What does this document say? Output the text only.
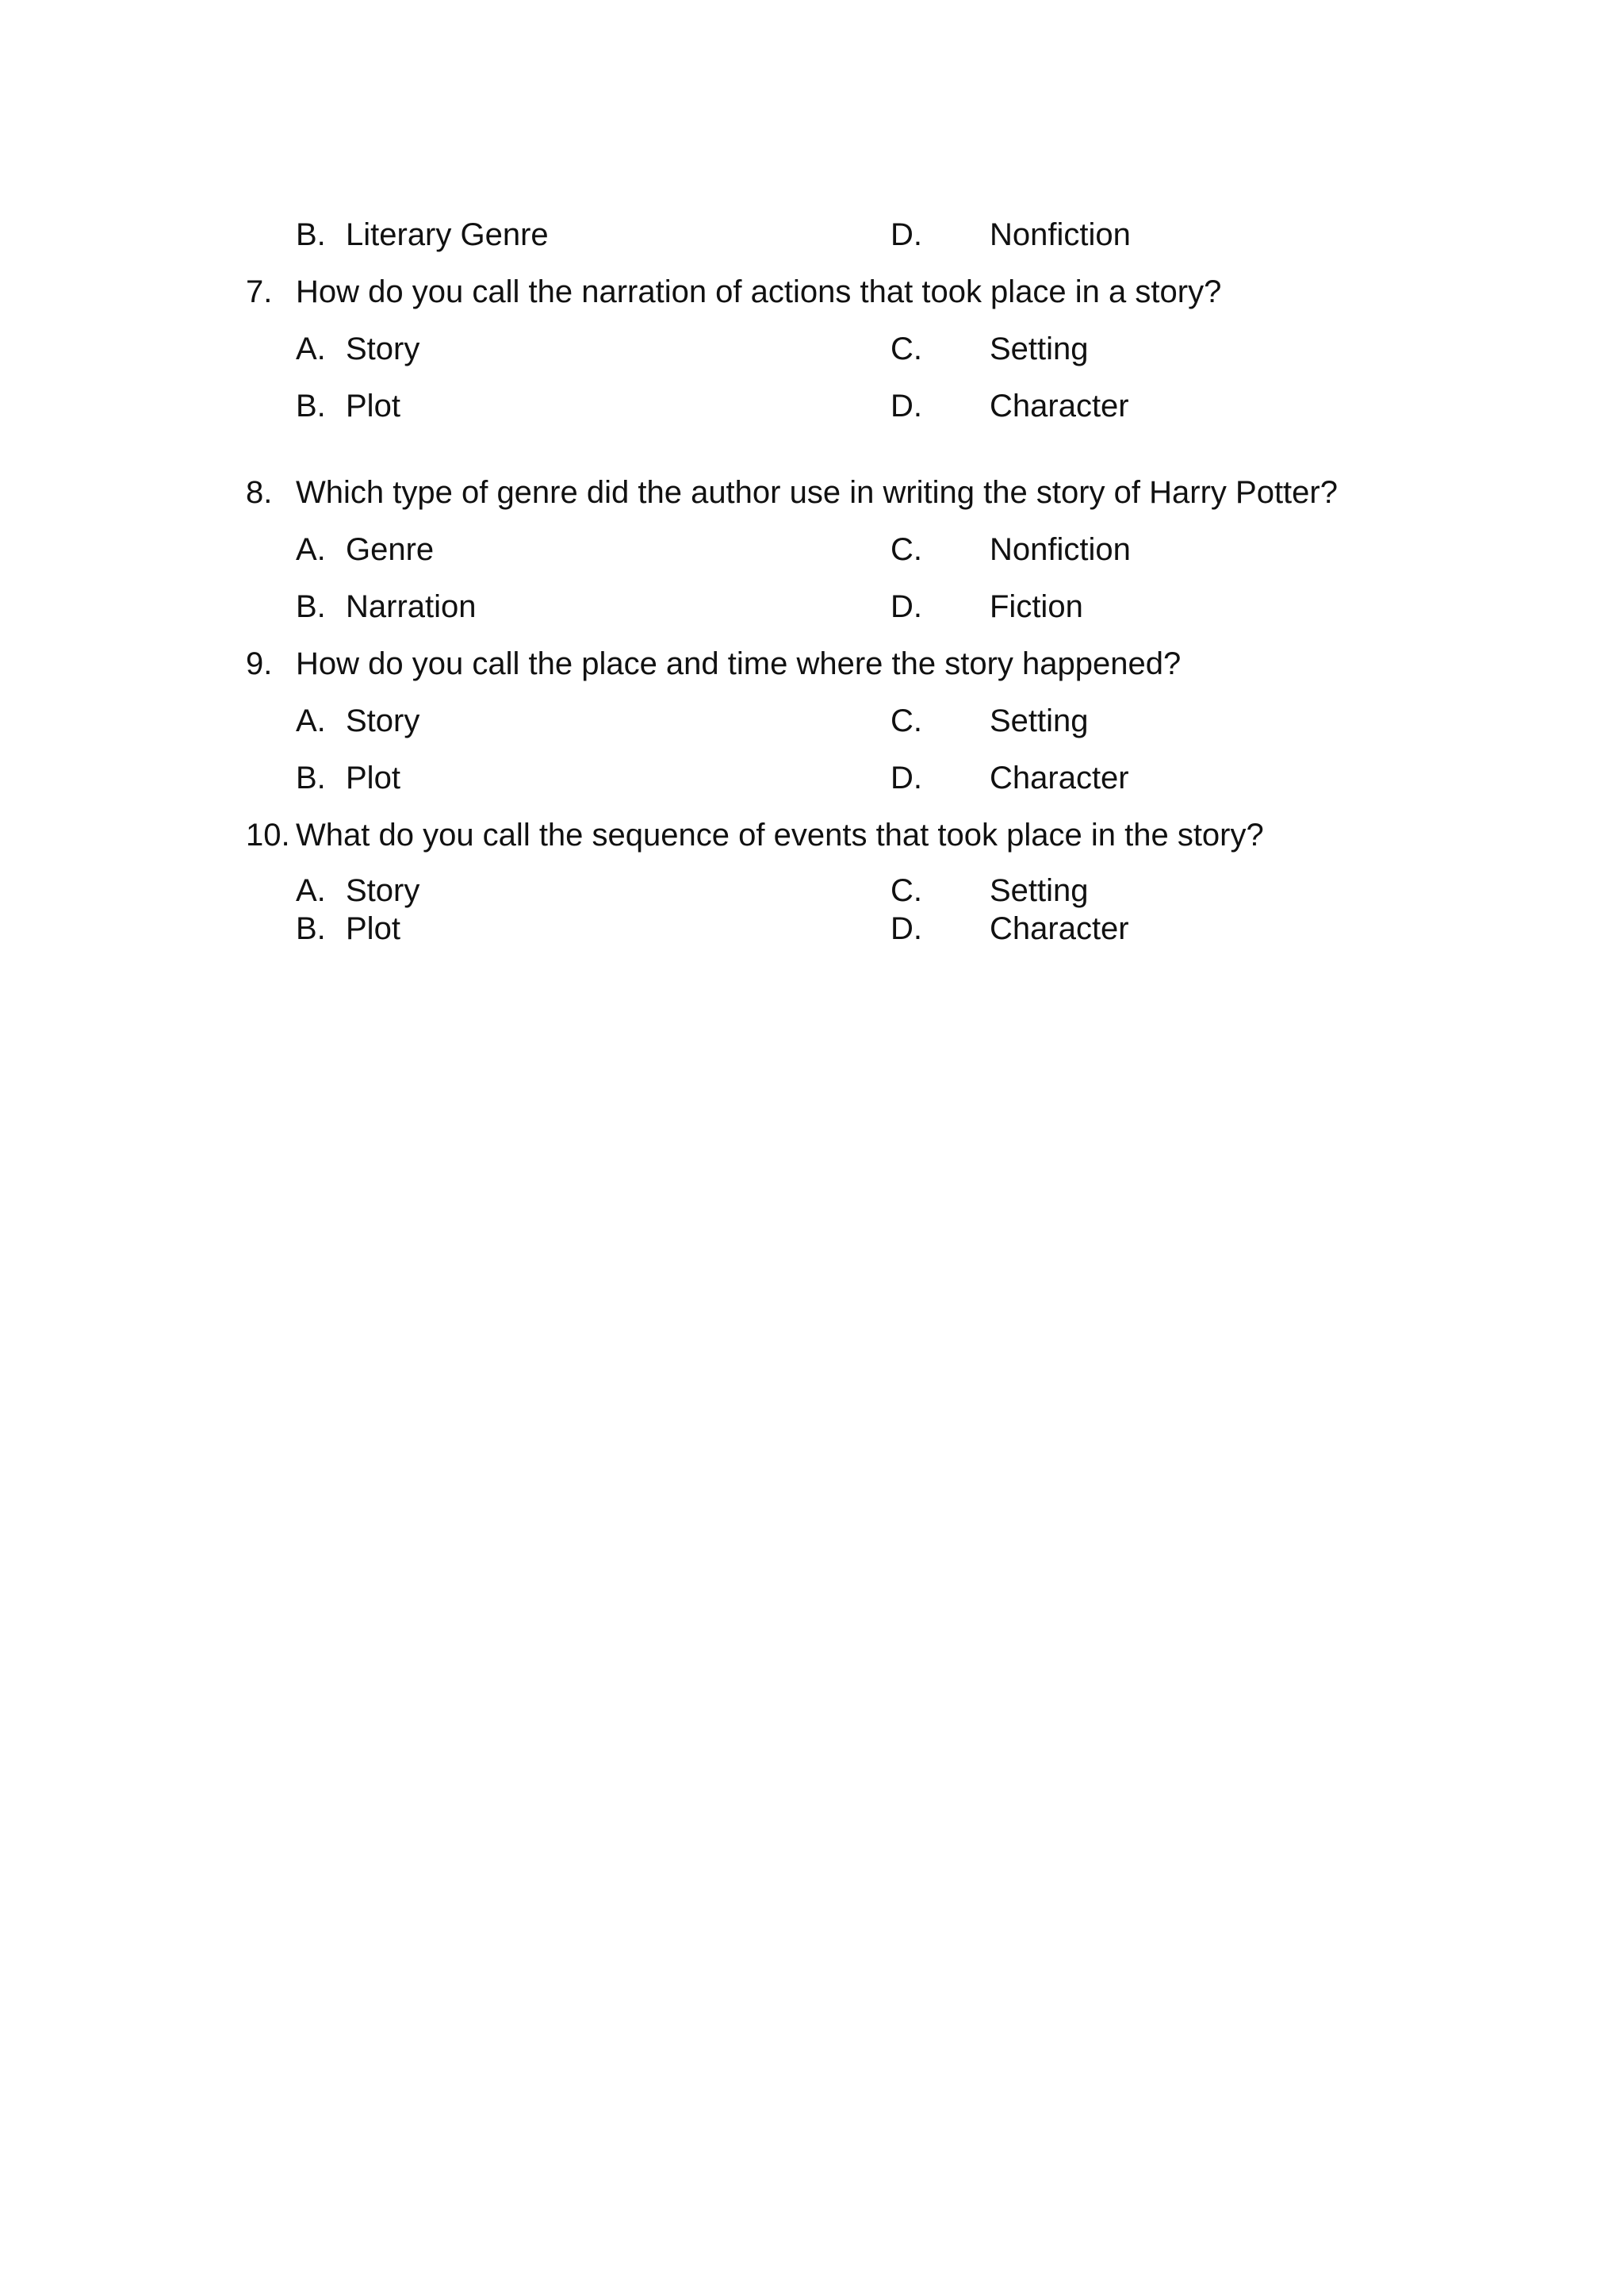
B. Literary Genre	D. Nonfiction
7. How do you call the narration of actions that took place in a story?
A. Story	C. Setting
B. Plot	D. Character
8. Which type of genre did the author use in writing the story of Harry Potter?
A. Genre	C. Nonfiction
B. Narration	D. Fiction
9. How do you call the place and time where the story happened?
A. Story	C. Setting
B. Plot	D. Character
10. What do you call the sequence of events that took place in the story?
A. Story	C. Setting
B. Plot	D. Character
